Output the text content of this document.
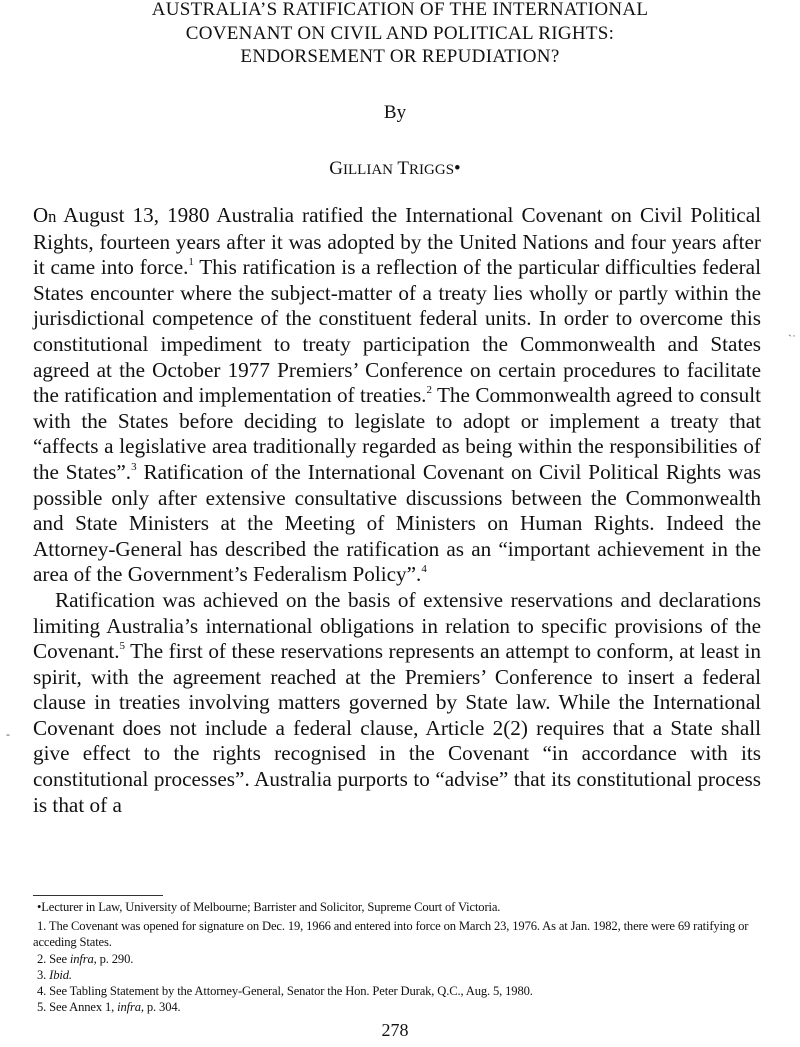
AUSTRALIA’S RATIFICATION OF THE INTERNATIONAL
COVENANT ON CIVIL AND POLITICAL RIGHTS:
ENDORSEMENT OR REPUDIATION?

By

GILLIAN TRIGGS•

On August 13, 1980 Australia ratified the International Covenant on Civil Political Rights, fourteen years after it was adopted by the United Nations and four years after it came into force.$^1$ This ratification is a reflection of the particular difficulties federal States encounter where the subject-matter of a treaty lies wholly or partly within the jurisdictional competence of the constituent federal units. In order to overcome this constitutional impediment to treaty participation the Commonwealth and States agreed at the October 1977 Premiers’ Conference on certain procedures to facilitate the ratification and implementation of treaties.$^2$ The Commonwealth agreed to consult with the States before deciding to legislate to adopt or implement a treaty that “affects a legislative area traditionally regarded as being within the responsibilities of the States”.$^3$ Ratification of the International Covenant on Civil Political Rights was possible only after extensive consultative discussions between the Commonwealth and State Ministers at the Meeting of Ministers on Human Rights. Indeed the Attorney-General has described the ratification as an “important achievement in the area of the Government’s Federalism Policy”.$^4$

Ratification was achieved on the basis of extensive reservations and declarations limiting Australia’s international obligations in relation to specific provisions of the Covenant.$^5$ The first of these reservations represents an attempt to conform, at least in spirit, with the agreement reached at the Premiers’ Conference to insert a federal clause in treaties involving matters governed by State law. While the International Covenant does not include a federal clause, Article 2(2) requires that a State shall give effect to the rights recognised in the Covenant “in accordance with its constitutional processes”. Australia purports to “advise” that its constitutional process is that of a

•Lecturer in Law, University of Melbourne; Barrister and Solicitor, Supreme Court of Victoria.

1. The Covenant was opened for signature on Dec. 19, 1966 and entered into force on March 23, 1976. As at Jan. 1982, there were 69 ratifying or acceding States.

2. See infra, p. 290.

3. Ibid.

4. See Tabling Statement by the Attorney-General, Senator the Hon. Peter Durak, Q.C., Aug. 5, 1980.

5. See Annex 1, infra, p. 304.

278
ˋ˙
-
